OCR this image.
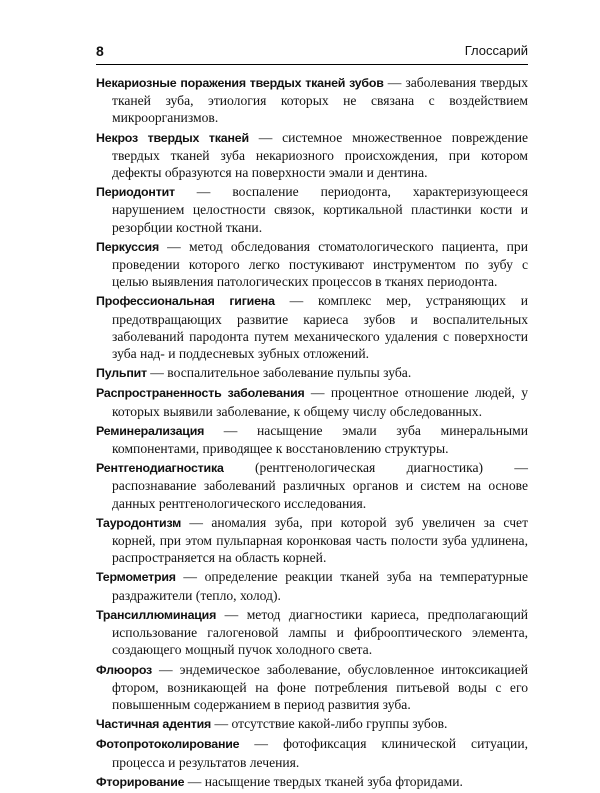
8	Глоссарий

Некариозные поражения твердых тканей зубов — заболевания твердых тканей зуба, этиология которых не связана с воздействием микроорганизмов.

Некроз твердых тканей — системное множественное повреждение твердых тканей зуба некариозного происхождения, при котором дефекты образуются на поверхности эмали и дентина.

Периодонтит — воспаление периодонта, характеризующееся нарушением целостности связок, кортикальной пластинки кости и резорбции костной ткани.

Перкуссия — метод обследования стоматологического пациента, при проведении которого легко постукивают инструментом по зубу с целью выявления патологических процессов в тканях периодонта.

Профессиональная гигиена — комплекс мер, устраняющих и предотвращающих развитие кариеса зубов и воспалительных заболеваний пародонта путем механического удаления с поверхности зуба над- и поддесневых зубных отложений.

Пульпит — воспалительное заболевание пульпы зуба.

Распространенность заболевания — процентное отношение людей, у которых выявили заболевание, к общему числу обследованных.

Реминерализация — насыщение эмали зуба минеральными компонентами, приводящее к восстановлению структуры.

Рентгенодиагностика (рентгенологическая диагностика) — распознавание заболеваний различных органов и систем на основе данных рентгенологического исследования.

Тауродонтизм — аномалия зуба, при которой зуб увеличен за счет корней, при этом пульпарная коронковая часть полости зуба удлинена, распространяется на область корней.

Термометрия — определение реакции тканей зуба на температурные раздражители (тепло, холод).

Трансиллюминация — метод диагностики кариеса, предполагающий использование галогеновой лампы и фиброоптического элемента, создающего мощный пучок холодного света.

Флюороз — эндемическое заболевание, обусловленное интоксикацией фтором, возникающей на фоне потребления питьевой воды с его повышенным содержанием в период развития зуба.

Частичная адентия — отсутствие какой-либо группы зубов.

Фотопротоколирование — фотофиксация клинической ситуации, процесса и результатов лечения.

Фторирование — насыщение твердых тканей зуба фторидами.
